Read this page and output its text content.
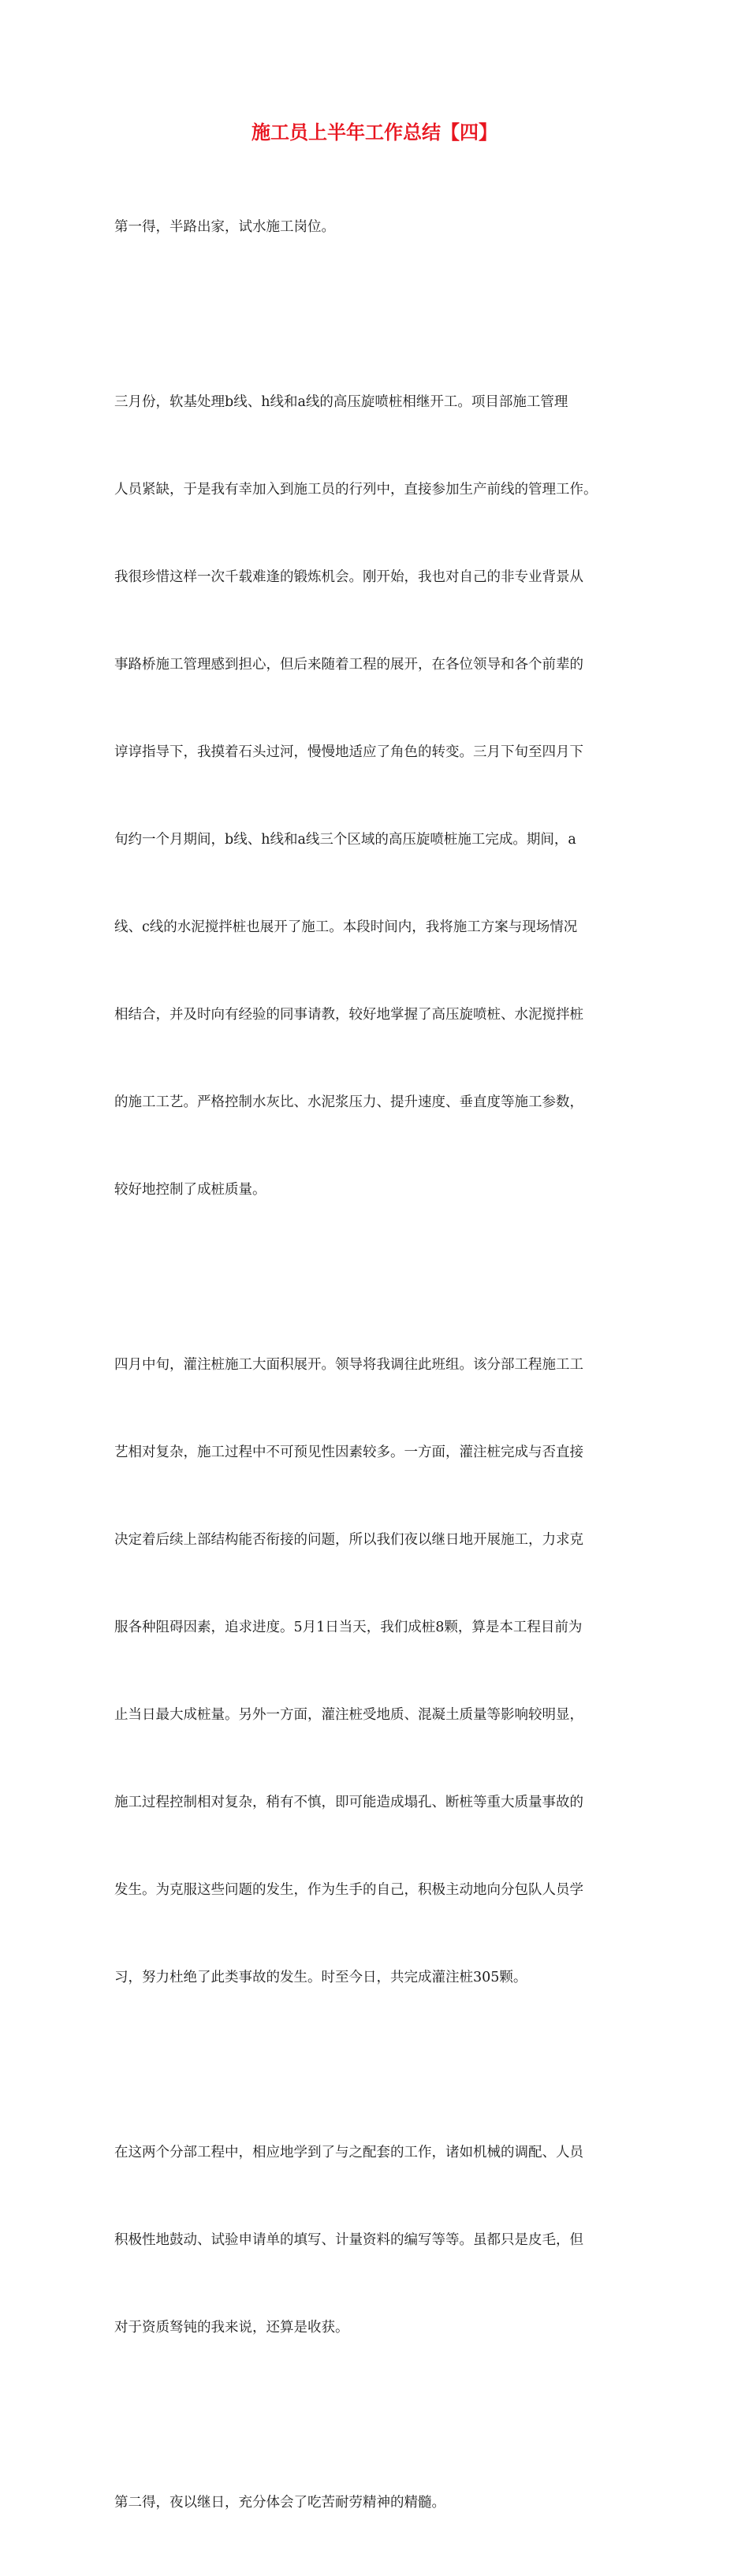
施工员上半年工作总结【四】

第一得，半路出家，试水施工岗位。

三月份，软基处理b线、h线和a线的高压旋喷桩相继开工。项目部施工管理

人员紧缺，于是我有幸加入到施工员的行列中，直接参加生产前线的管理工作。

我很珍惜这样一次千载难逢的锻炼机会。刚开始，我也对自己的非专业背景从

事路桥施工管理感到担心，但后来随着工程的展开，在各位领导和各个前辈的

谆谆指导下，我摸着石头过河，慢慢地适应了角色的转变。三月下旬至四月下

旬约一个月期间，b线、h线和a线三个区域的高压旋喷桩施工完成。期间，a

线、c线的水泥搅拌桩也展开了施工。本段时间内，我将施工方案与现场情况

相结合，并及时向有经验的同事请教，较好地掌握了高压旋喷桩、水泥搅拌桩

的施工工艺。严格控制水灰比、水泥浆压力、提升速度、垂直度等施工参数，

较好地控制了成桩质量。

四月中旬，灌注桩施工大面积展开。领导将我调往此班组。该分部工程施工工

艺相对复杂，施工过程中不可预见性因素较多。一方面，灌注桩完成与否直接

决定着后续上部结构能否衔接的问题，所以我们夜以继日地开展施工，力求克

服各种阻碍因素，追求进度。5月1日当天，我们成桩8颗，算是本工程目前为

止当日最大成桩量。另外一方面，灌注桩受地质、混凝土质量等影响较明显，

施工过程控制相对复杂，稍有不慎，即可能造成塌孔、断桩等重大质量事故的

发生。为克服这些问题的发生，作为生手的自己，积极主动地向分包队人员学

习，努力杜绝了此类事故的发生。时至今日，共完成灌注桩305颗。

在这两个分部工程中，相应地学到了与之配套的工作，诸如机械的调配、人员

积极性地鼓动、试验申请单的填写、计量资料的编写等等。虽都只是皮毛，但

对于资质驽钝的我来说，还算是收获。

第二得，夜以继日，充分体会了吃苦耐劳精神的精髓。
